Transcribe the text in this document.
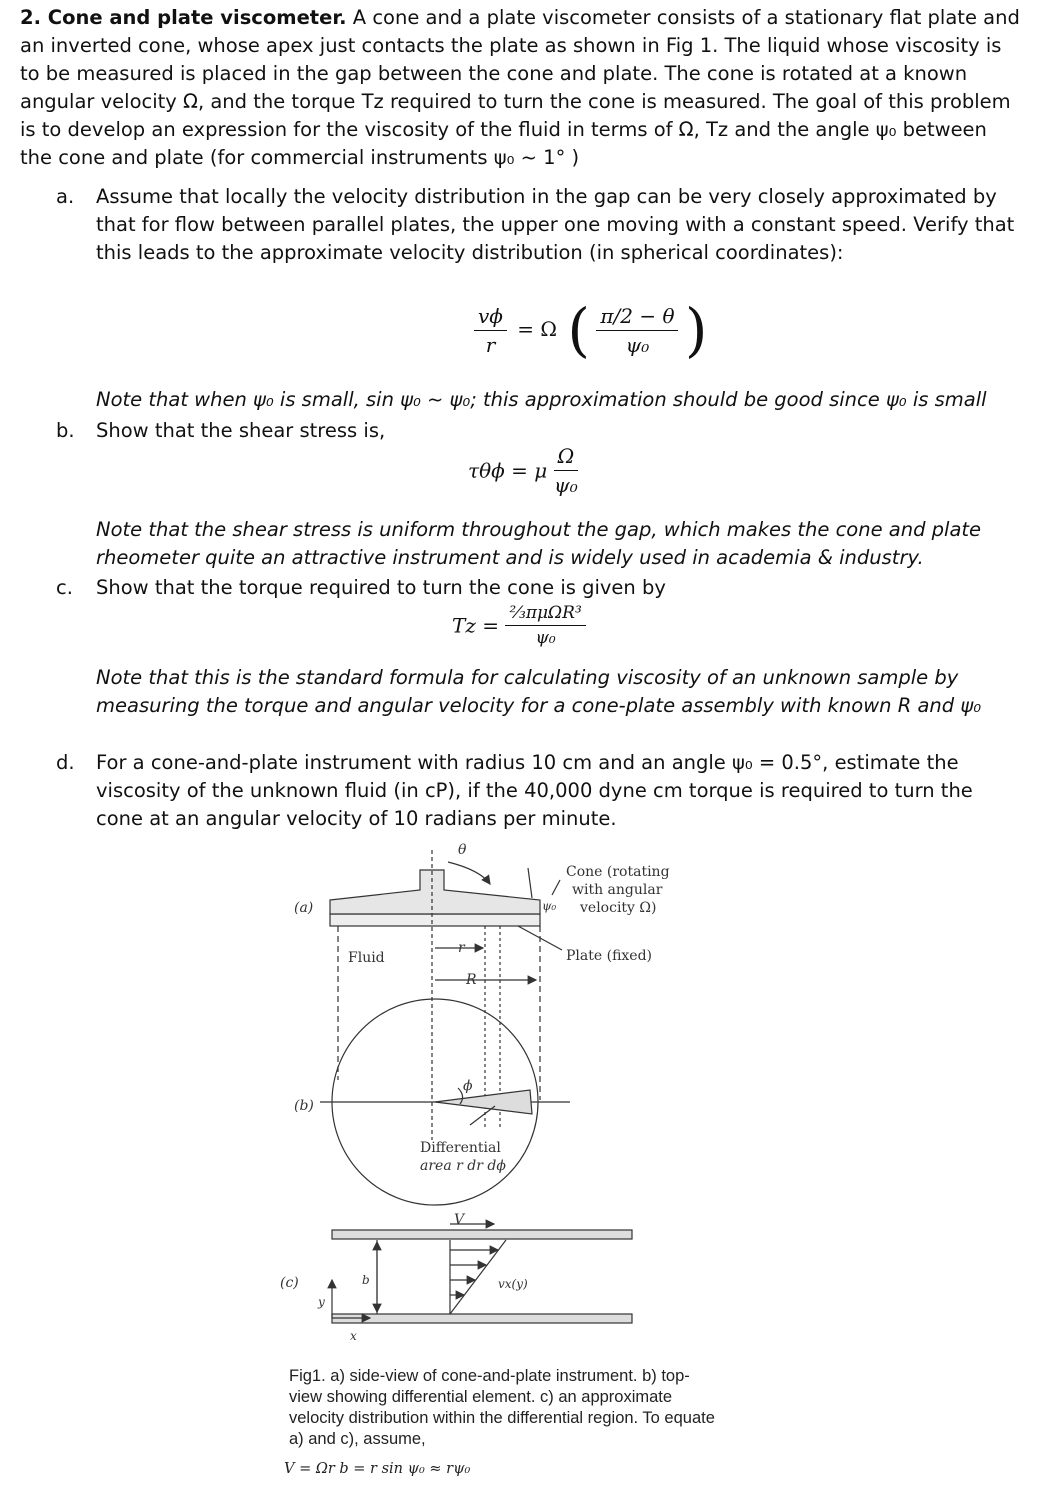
2. Cone and plate viscometer. A cone and a plate viscometer consists of a stationary flat plate and an inverted cone, whose apex just contacts the plate as shown in Fig 1. The liquid whose viscosity is to be measured is placed in the gap between the cone and plate. The cone is rotated at a known angular velocity Ω, and the torque Tz required to turn the cone is measured. The goal of this problem is to develop an expression for the viscosity of the fluid in terms of Ω, Tz and the angle ψ₀ between the cone and plate (for commercial instruments ψ₀ ~ 1° )
a. Assume that locally the velocity distribution in the gap can be very closely approximated by that for flow between parallel plates, the upper one moving with a constant speed. Verify that this leads to the approximate velocity distribution (in spherical coordinates):
$\frac{v\phi}{r} = \Omega$ ( $\frac{\pi/2 - \theta}{\text{ψ₀}}$ )
Note that when ψ₀ is small, sin ψ₀ ~ ψ₀; this approximation should be good since ψ₀ is small
b. Show that the shear stress is,
τθϕ = μ $\frac{\Omega}{\text{ψ₀}}$
Note that the shear stress is uniform throughout the gap, which makes the cone and plate rheometer quite an attractive instrument and is widely used in academia & industry.
c. Show that the torque required to turn the cone is given by
$Tz = \frac{\text{⅔πμΩR³}}{\text{ψ₀}}$
Note that this is the standard formula for calculating viscosity of an unknown sample by measuring the torque and angular velocity for a cone-plate assembly with known R and ψ₀
d. For a cone-and-plate instrument with radius 10 cm and an angle ψ₀ = 0.5°, estimate the viscosity of the unknown fluid (in cP), if the 40,000 dyne cm torque is required to turn the cone at an angular velocity of 10 radians per minute.
(a)
(b)
(c)
θ
Cone (rotating
with angular
velocity Ω)
ψ₀
Plate (fixed)
Fluid
r
R
ϕ
Differential
area r dr dϕ
V
b
y
x
vx(y)
Fig1. a) side-view of cone-and-plate instrument. b) top-view showing differential element. c) an approximate velocity distribution within the differential region. To equate a) and c), assume,
V = Ωr b = r sin ψ₀ ≈ rψ₀
